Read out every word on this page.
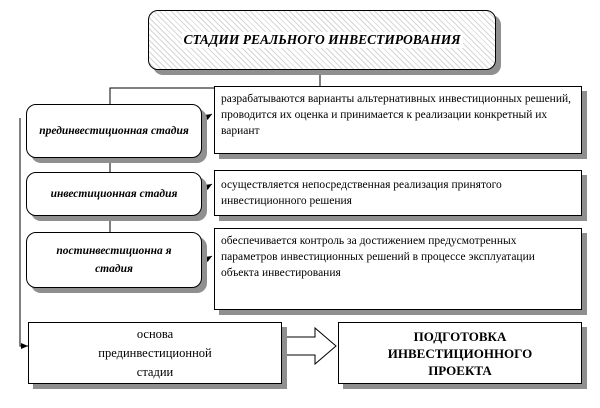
СТАДИИ РЕАЛЬНОГО ИНВЕСТИРОВАНИЯ
прединвестиционная стадия
разрабатываются варианты альтернативных инвестиционных решений, проводится их оценка и принимается к реализации конкретный их вариант
инвестиционная стадия
осуществляется непосредственная реализация принятого инвестиционного решения
постинвестиционна я стадия
обеспечивается контроль за достижением предусмотренных параметров инвестиционных решений в процессе эксплуатации объекта инвестирования
основа прединвестиционной стадии
ПОДГОТОВКА ИНВЕСТИЦИОННОГО ПРОЕКТА
